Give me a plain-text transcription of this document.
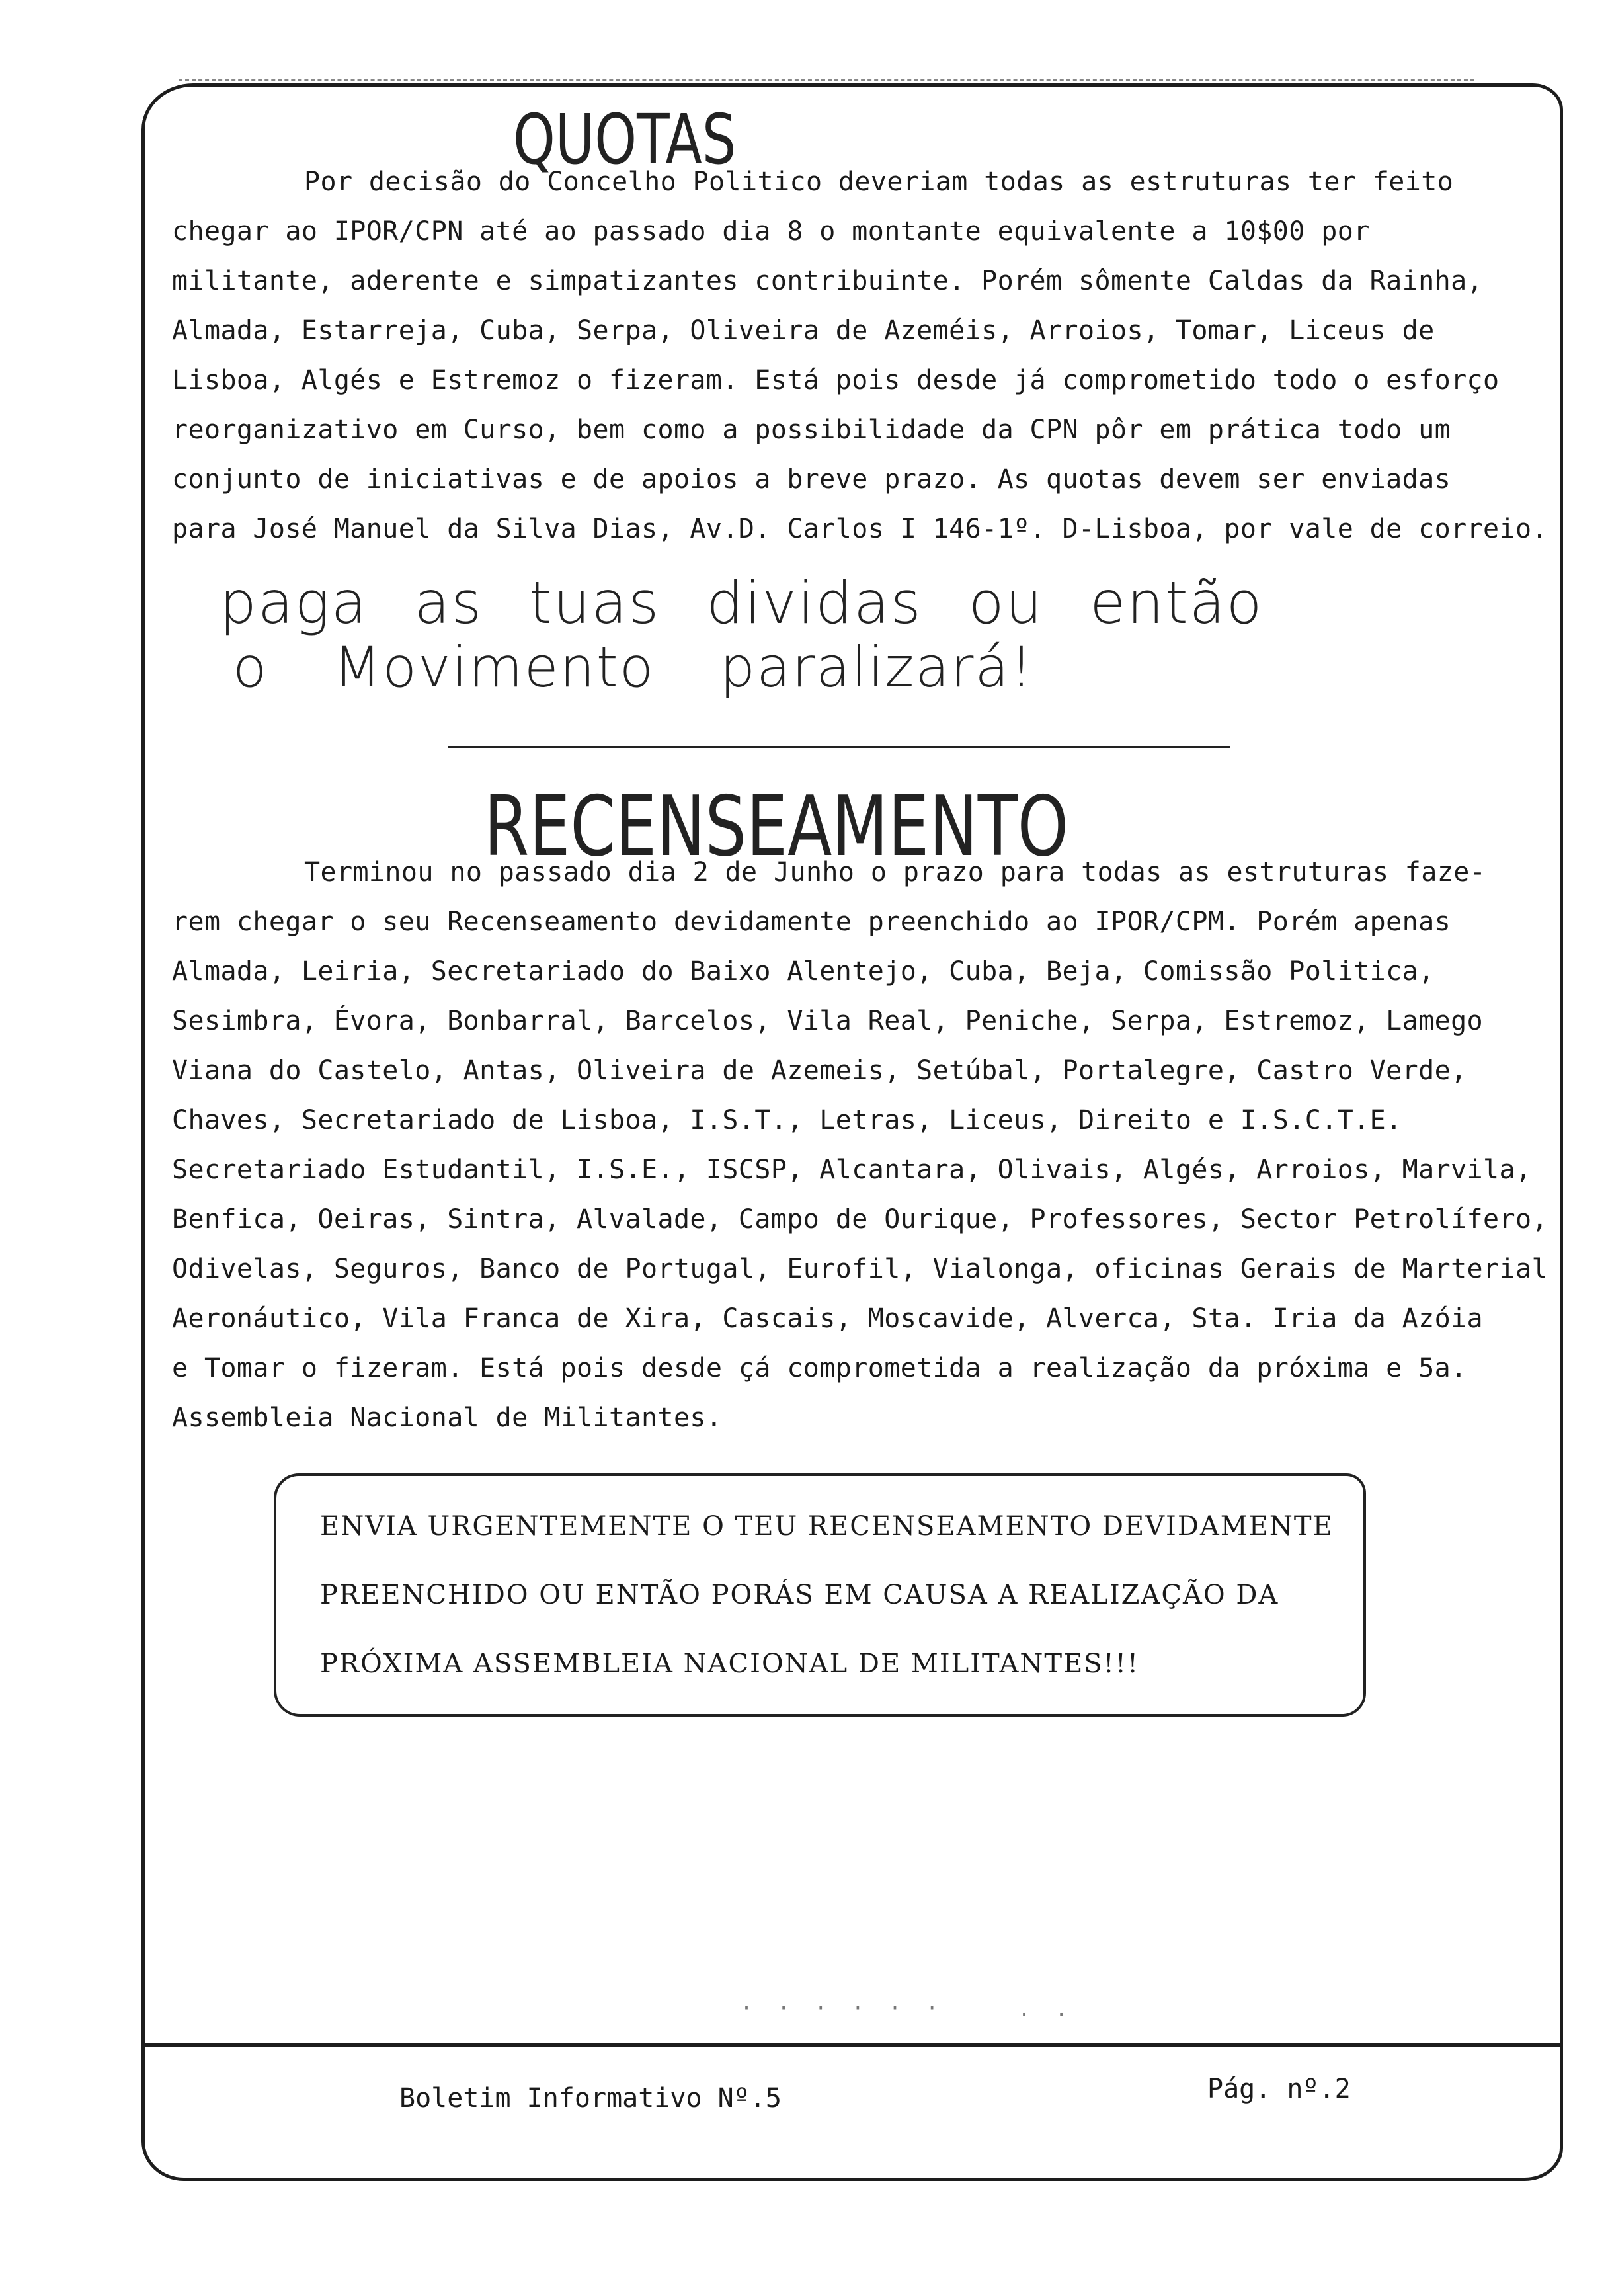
QUOTAS
Por decisão do Concelho Politico deveriam todas as estruturas ter feito
chegar ao IPOR/CPN até ao passado dia 8 o montante equivalente a 10$00 por
militante, aderente e simpatizantes contribuinte. Porém sômente Caldas da Rainha,
Almada, Estarreja, Cuba, Serpa, Oliveira de Azeméis, Arroios, Tomar, Liceus de
Lisboa, Algés e Estremoz o fizeram. Está pois desde já comprometido todo o esforço
reorganizativo em Curso, bem como a possibilidade da CPN pôr em prática todo um
conjunto de iniciativas e de apoios a breve prazo. As quotas devem ser enviadas
para José Manuel da Silva Dias, Av.D. Carlos I 146-1º. D-Lisboa, por vale de correio.
paga as tuas dividas ou então
o Movimento paralizará!
RECENSEAMENTO
Terminou no passado dia 2 de Junho o prazo para todas as estruturas faze-
rem chegar o seu Recenseamento devidamente preenchido ao IPOR/CPM. Porém apenas
Almada, Leiria, Secretariado do Baixo Alentejo, Cuba, Beja, Comissão Politica,
Sesimbra, Évora, Bonbarral, Barcelos, Vila Real, Peniche, Serpa, Estremoz, Lamego
Viana do Castelo, Antas, Oliveira de Azemeis, Setúbal, Portalegre, Castro Verde,
Chaves, Secretariado de Lisboa, I.S.T., Letras, Liceus, Direito e I.S.C.T.E.
Secretariado Estudantil, I.S.E., ISCSP, Alcantara, Olivais, Algés, Arroios, Marvila,
Benfica, Oeiras, Sintra, Alvalade, Campo de Ourique, Professores, Sector Petrolífero,
Odivelas, Seguros, Banco de Portugal, Eurofil, Vialonga, oficinas Gerais de Marterial
Aeronáutico, Vila Franca de Xira, Cascais, Moscavide, Alverca, Sta. Iria da Azóia
e Tomar o fizeram. Está pois desde çá comprometida a realização da próxima e 5a.
Assembleia Nacional de Militantes.
ENVIA URGENTEMENTE O TEU RECENSEAMENTO DEVIDAMENTE
PREENCHIDO OU ENTÃO PORÁS EM CAUSA A REALIZAÇÃO DA
PRÓXIMA ASSEMBLEIA NACIONAL DE MILITANTES!!!
· · · · · ·	· ·
Boletim Informativo Nº.5	Pág. nº.2
